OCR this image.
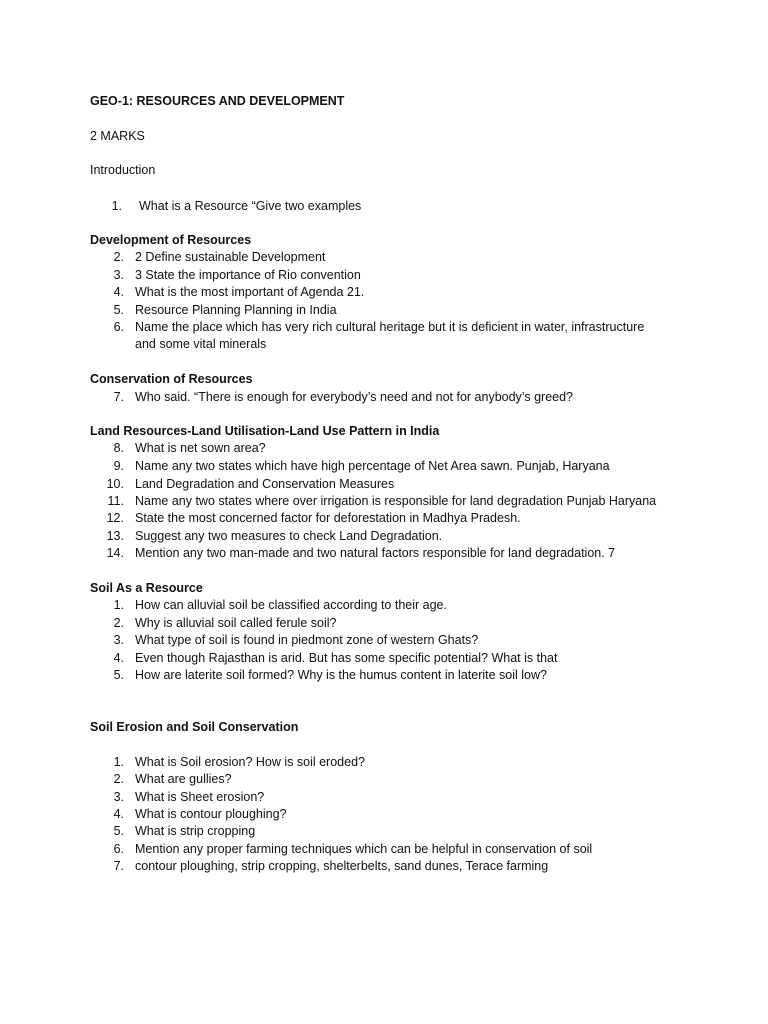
GEO-1: RESOURCES AND DEVELOPMENT
2 MARKS
Introduction
1. What is a Resource “Give two examples
Development of Resources
2. 2 Define sustainable Development
3. 3 State the importance of Rio convention
4. What is the most important of Agenda 21.
5. Resource Planning Planning in India
6. Name the place which has very rich cultural heritage but it is deficient in water, infrastructure
and some vital minerals
Conservation of Resources
7. Who said. “There is enough for everybody’s need and not for anybody’s greed?
Land Resources-Land Utilisation-Land Use Pattern in India
8. What is net sown area?
9. Name any two states which have high percentage of Net Area sawn. Punjab, Haryana
10. Land Degradation and Conservation Measures
11. Name any two states where over irrigation is responsible for land degradation Punjab Haryana
12. State the most concerned factor for deforestation in Madhya Pradesh.
13. Suggest any two measures to check Land Degradation.
14. Mention any two man-made and two natural factors responsible for land degradation. 7
Soil As a Resource
1. How can alluvial soil be classified according to their age.
2. Why is alluvial soil called ferule soil?
3. What type of soil is found in piedmont zone of western Ghats?
4. Even though Rajasthan is arid. But has some specific potential? What is that
5. How are laterite soil formed? Why is the humus content in laterite soil low?
Soil Erosion and Soil Conservation
1. What is Soil erosion? How is soil eroded?
2. What are gullies?
3. What is Sheet erosion?
4. What is contour ploughing?
5. What is strip cropping
6. Mention any proper farming techniques which can be helpful in conservation of soil
7. contour ploughing, strip cropping, shelterbelts, sand dunes, Terace farming
